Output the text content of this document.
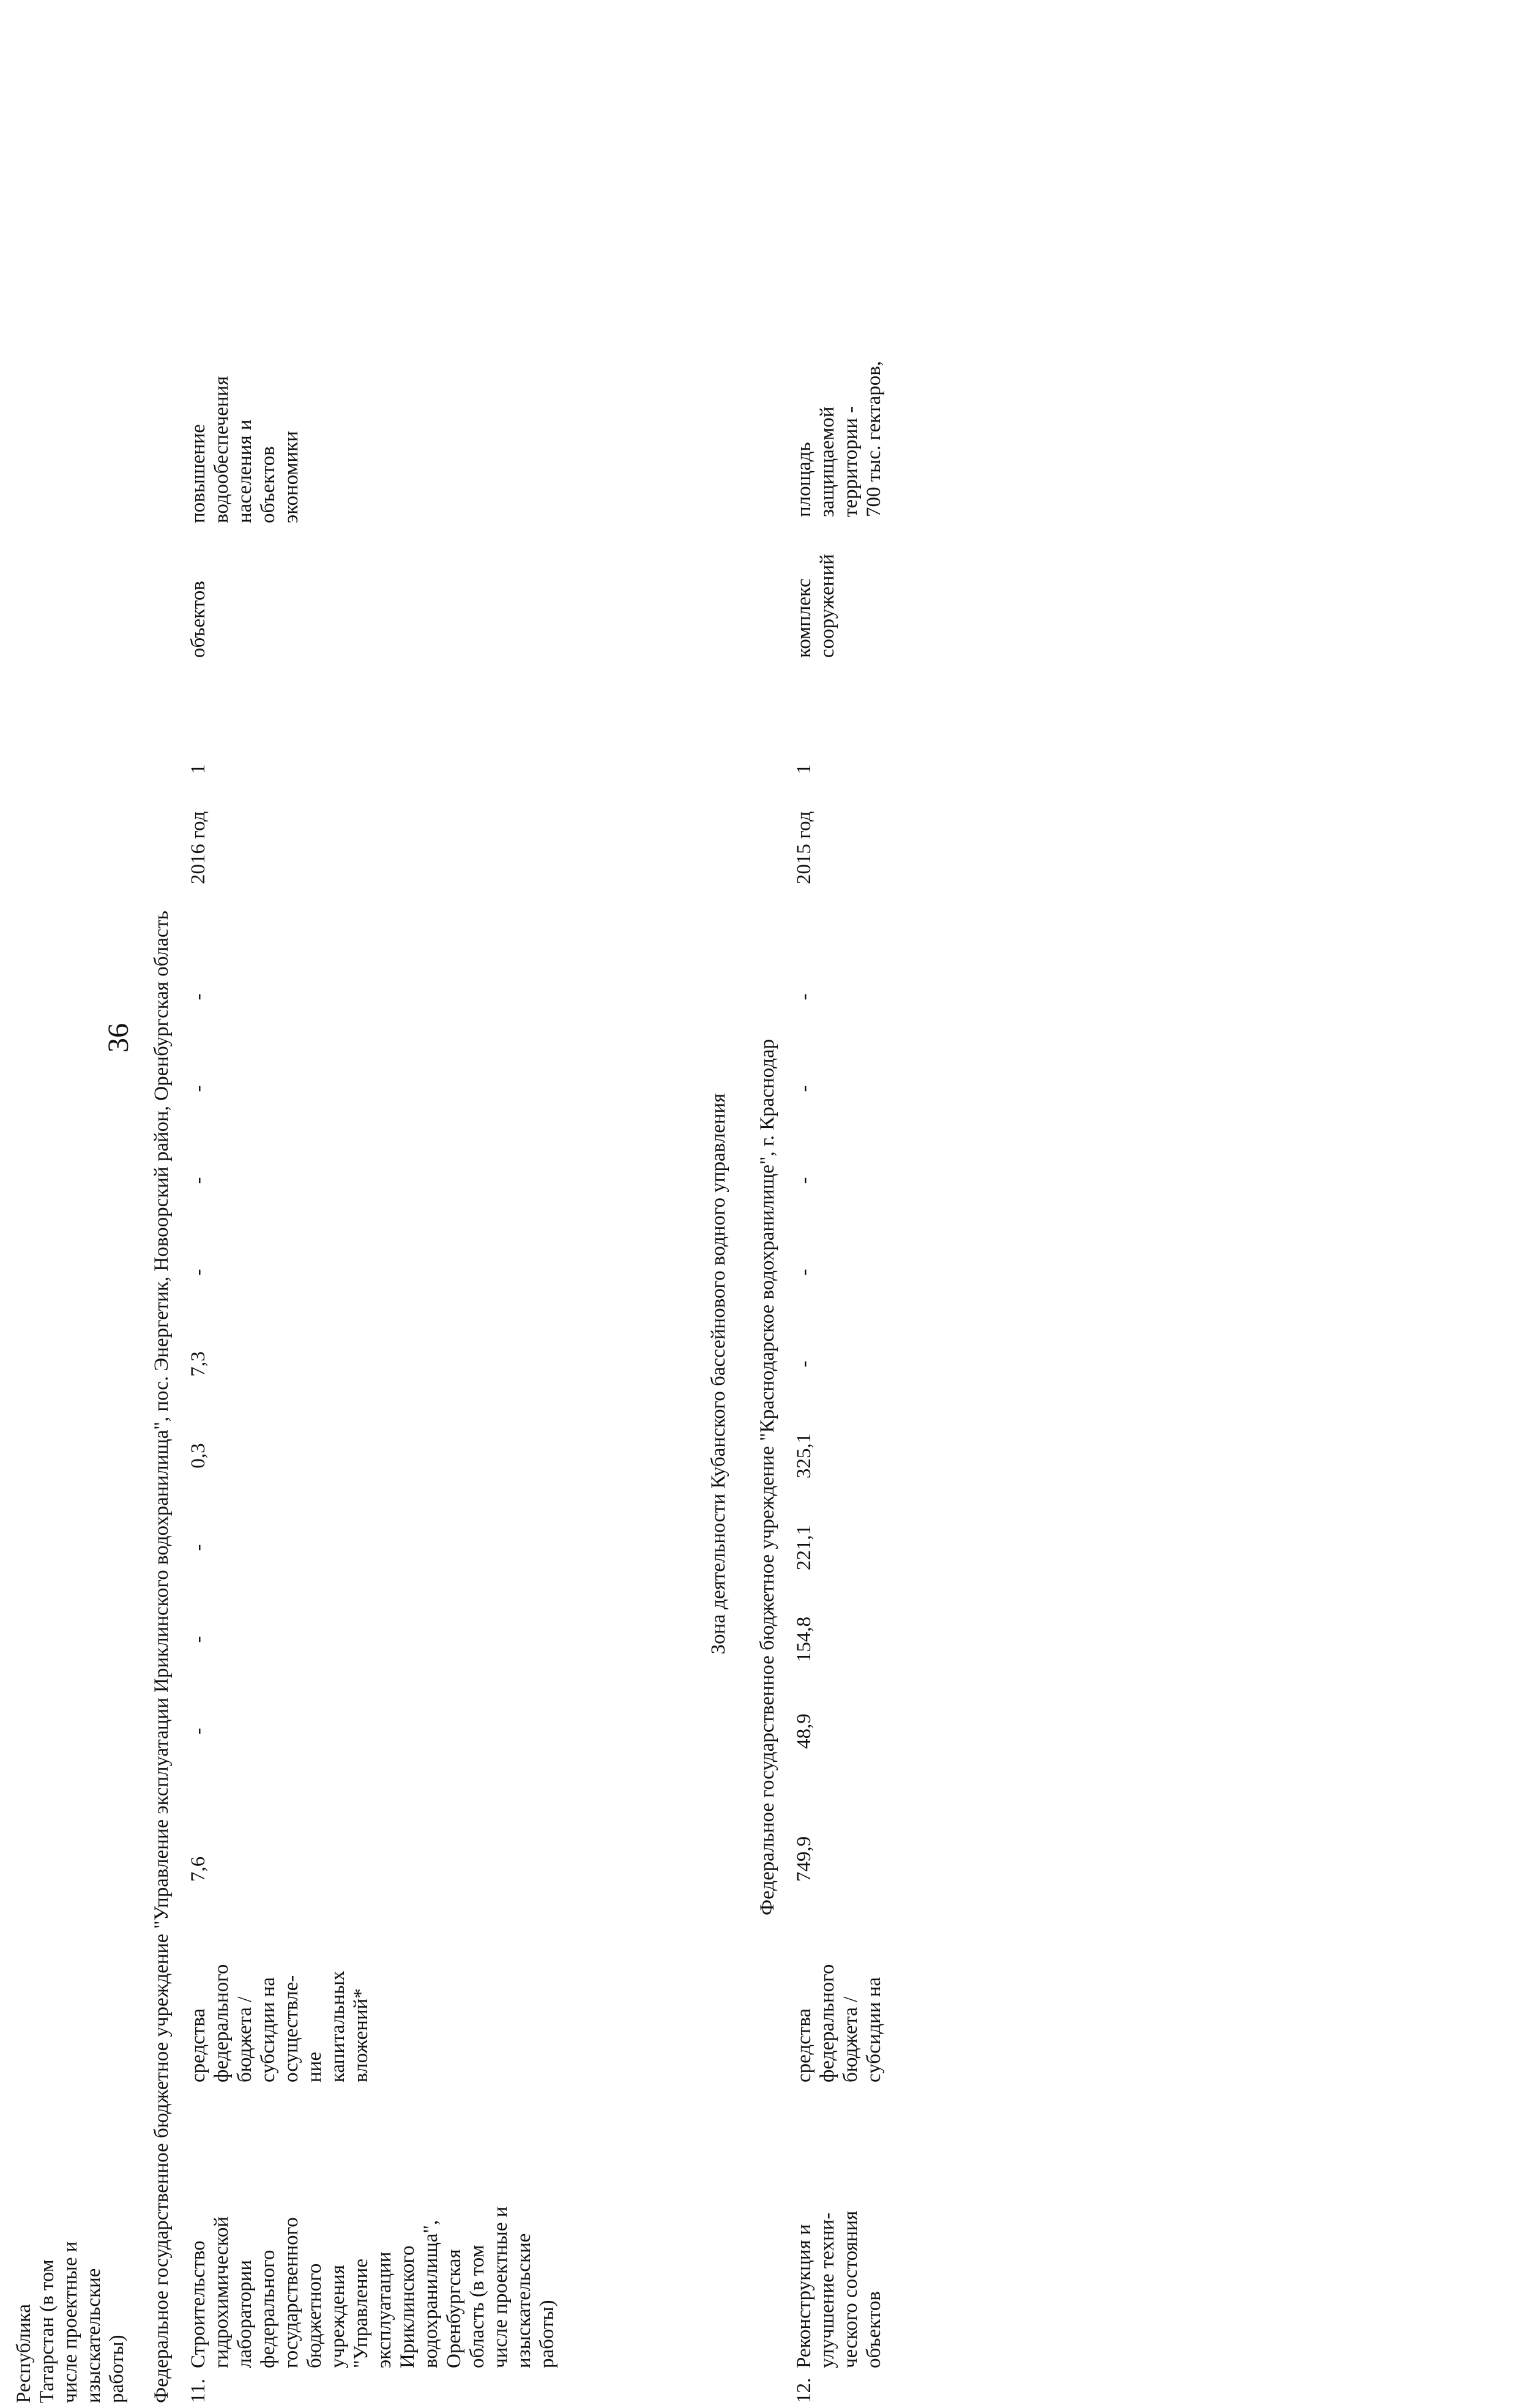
36
Республика
Татарстан (в том
числе проектные и
изыскательские
работы) Федеральное государственное бюджетное учреждение "Управление эксплуатации Ириклинского водохранилища", пос. Энергетик, Новоорский район, Оренбургская область 11.
Строительство
гидрохимической
лаборатории
федерального
государственного
бюджетного
учреждения
"Управление
эксплуатации
Ириклинского
водохранилища",
Оренбургская
область (в том
числе проектные и
изыскательские
работы)
средства
федерального
бюджета /
субсидии на
осуществле-
ние
капитальных
вложений*
7,6
-
-
-
0,3
7,3
-
-
-
-
2016 год
1
объектов
повышение
водообеспечения
населения и
объектов
экономики
Зона деятельности Кубанского бассейнового водного управления Федеральное государственное бюджетное учреждение "Краснодарское водохранилище", г. Краснодар
12.
Реконструкция и
улучшение техни-
ческого состояния
объектов
средства
федерального
бюджета /
субсидии на
749,9
48,9
154,8
221,1
325,1
-
-
-
-
-
2015 год
1
комплекс
сооружений
площадь
защищаемой
территории -
700 тыс. гектаров,
